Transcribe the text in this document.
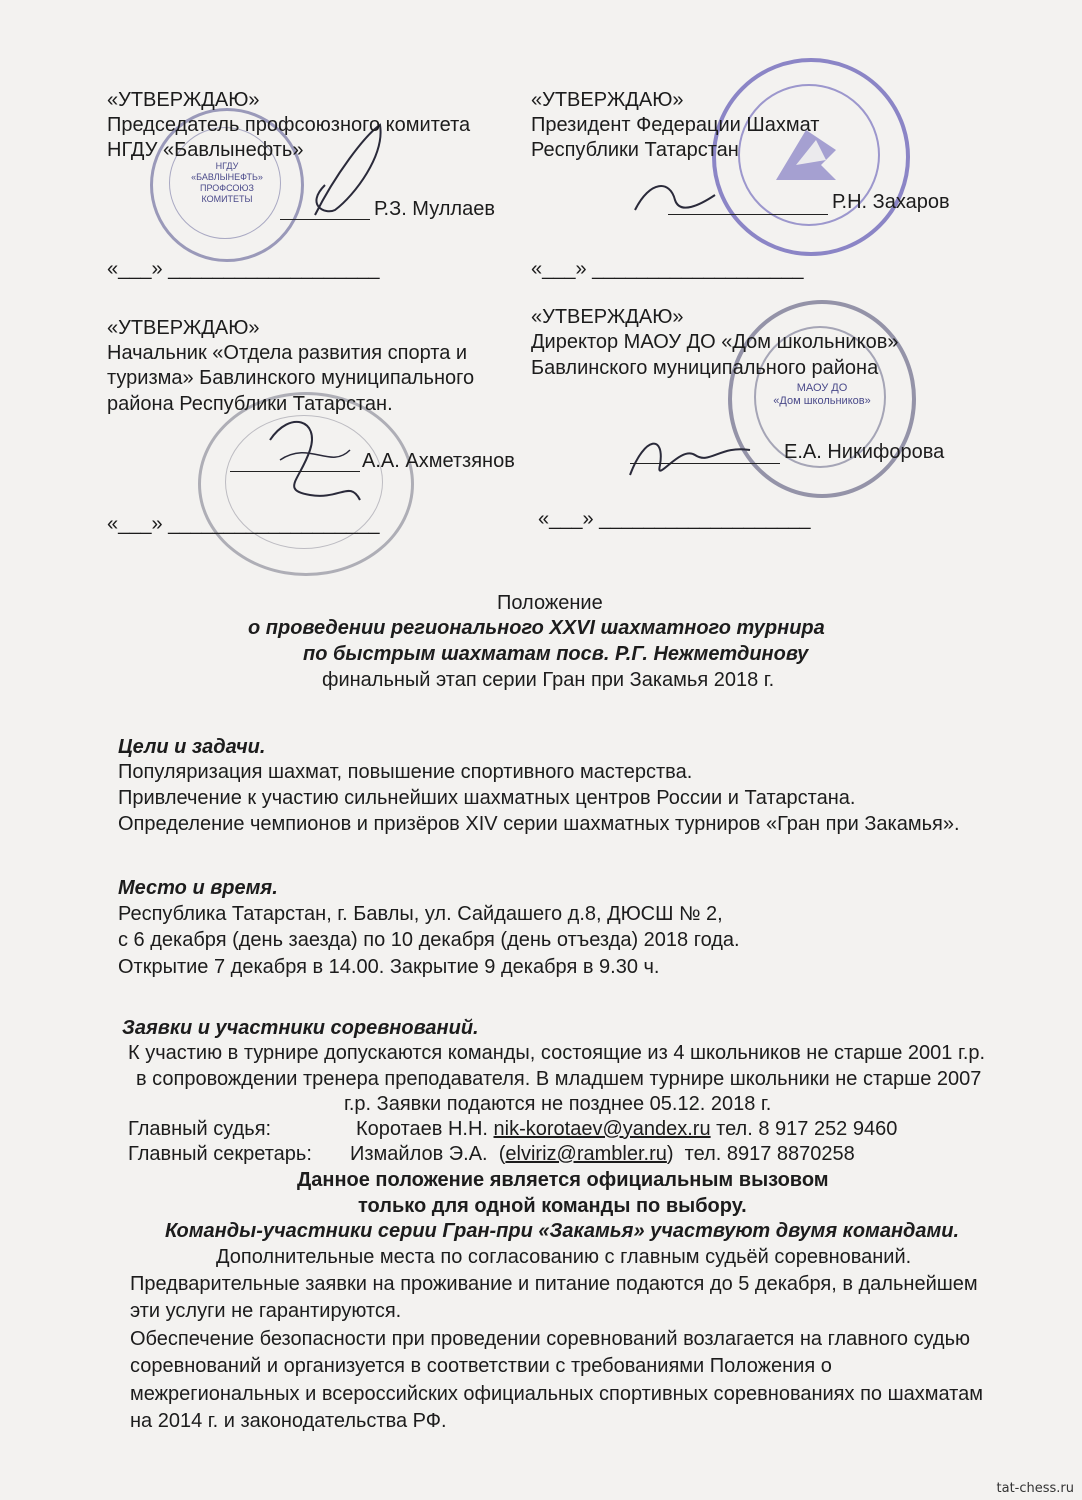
НГДУ
«БАВЛЫНЕФТЬ»
ПРОФСОЮЗ
КОМИТЕТЫ
МАОУ ДО
«Дом школьников»
«УТВЕРЖДАЮ»
Председатель профсоюзного комитета
НГДУ «Бавлынефть»
Р.З. Муллаев
«___» ___________________
«УТВЕРЖДАЮ»
Президент Федерации Шахмат
Республики Татарстан
Р.Н. Захаров
«___» ___________________
«УТВЕРЖДАЮ»
Начальник «Отдела развития спорта и
туризма» Бавлинского муниципального
района Республики Татарстан.
А.А. Ахметзянов
«___» ___________________
«УТВЕРЖДАЮ»
Директор МАОУ ДО «Дом школьников»
Бавлинского муниципального района
Е.А. Никифорова
«___» ___________________
Положение
о проведении регионального XXVI шахматного турнира
по быстрым шахматам посв. Р.Г. Нежметдинову
финальный этап серии Гран при Закамья 2018 г.
Цели и задачи.
Популяризация шахмат, повышение спортивного мастерства.
Привлечение к участию сильнейших шахматных центров России и Татарстана.
Определение чемпионов и призёров XIV серии шахматных турниров «Гран при Закамья».
Место и время.
Республика Татарстан, г. Бавлы, ул. Сайдашего д.8, ДЮСШ № 2,
с 6 декабря (день заезда) по 10 декабря (день отъезда) 2018 года.
Открытие 7 декабря в 14.00. Закрытие 9 декабря в 9.30 ч.
Заявки и участники соревнований.
К участию в турнире допускаются команды, состоящие из 4 школьников не старше 2001 г.р.
в сопровождении тренера преподавателя. В младшем турнире школьники не старше 2007
г.р. Заявки подаются не позднее 05.12. 2018 г.
Главный судья:	Коротаев Н.Н. nik-korotaev@yandex.ru тел. 8 917 252 9460
Главный секретарь: Измайлов Э.А. (elviriz@rambler.ru) тел. 8917 8870258
Данное положение является официальным вызовом
только для одной команды по выбору.
Команды-участники серии Гран-при «Закамья» участвуют двумя командами.
Дополнительные места по согласованию с главным судьёй соревнований.
Предварительные заявки на проживание и питание подаются до 5 декабря, в дальнейшем
эти услуги не гарантируются.
Обеспечение безопасности при проведении соревнований возлагается на главного судью
соревнований и организуется в соответствии с требованиями Положения о
межрегиональных и всероссийских официальных спортивных соревнованиях по шахматам
на 2014 г. и законодательства РФ.
tat-chess.ru
